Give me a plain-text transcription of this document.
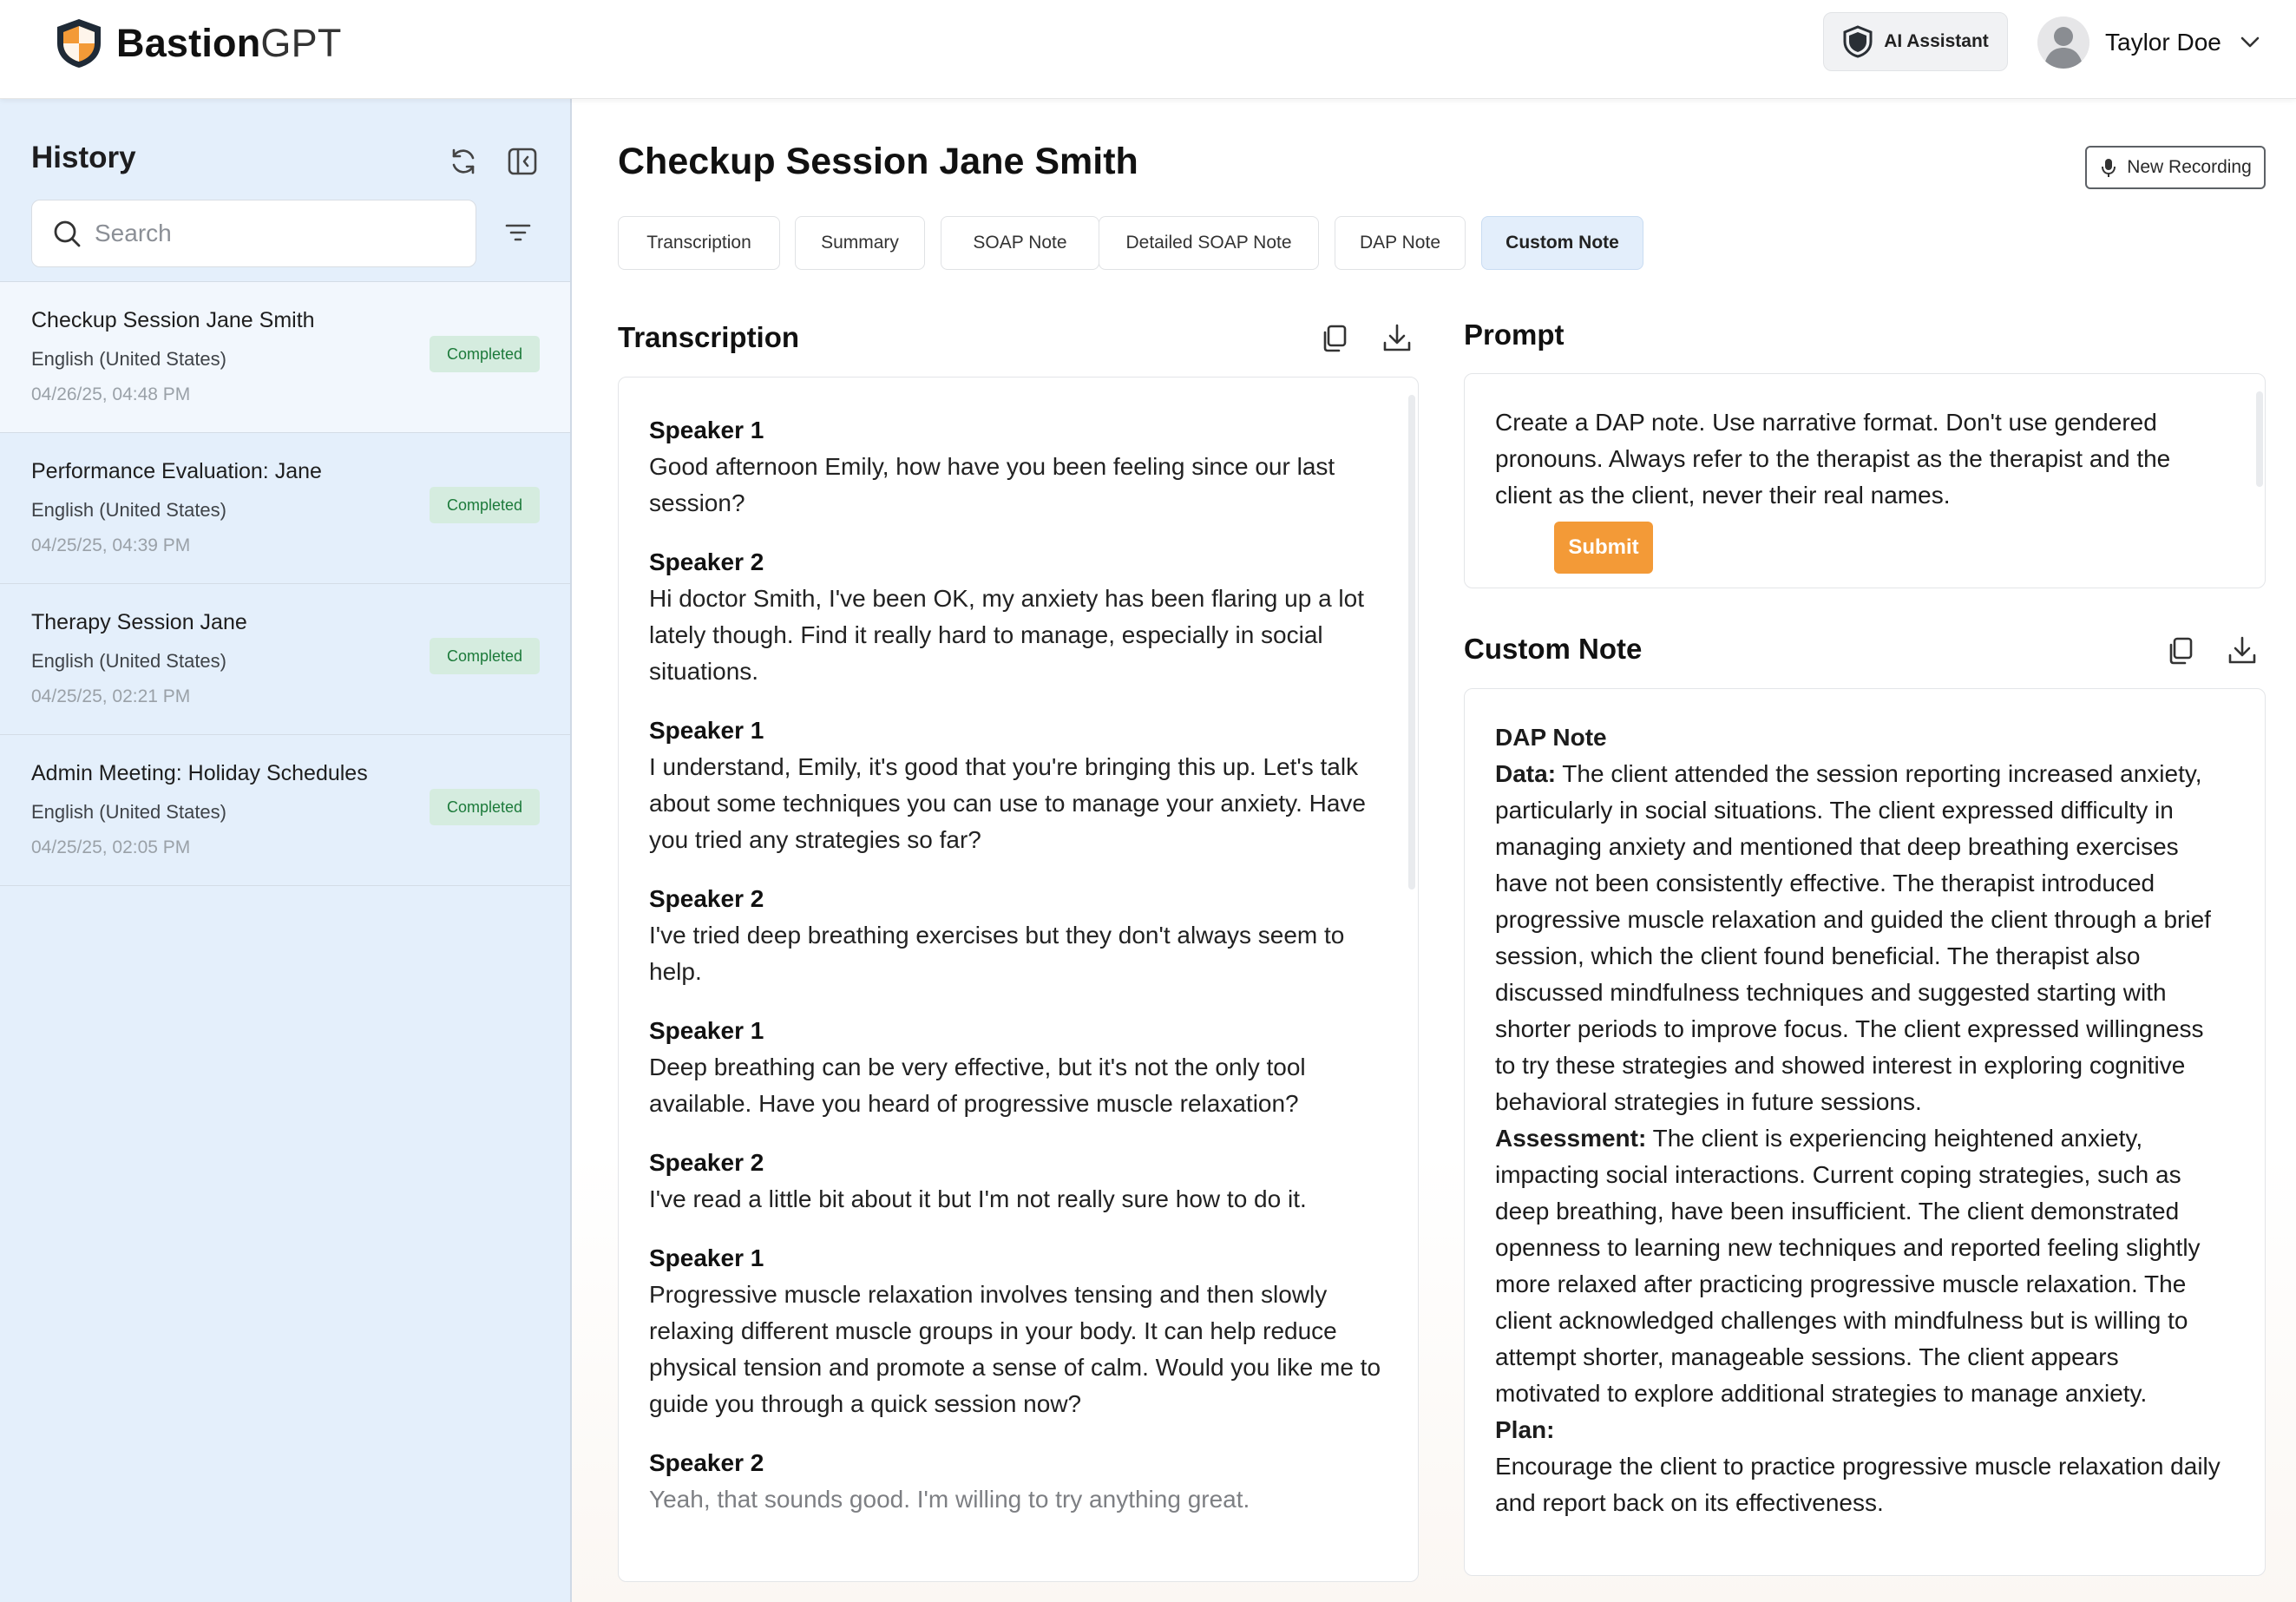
BastionGPT	AI Assistant	Taylor Doe
History
Search
Checkup Session Jane Smith
English (United States)
04/26/25, 04:48 PM
Completed
Performance Evaluation: Jane
English (United States)
04/25/25, 04:39 PM
Completed
Therapy Session Jane
English (United States)
04/25/25, 02:21 PM
Completed
Admin Meeting: Holiday Schedules
English (United States)
04/25/25, 02:05 PM
Completed
Checkup Session Jane Smith	New Recording
Transcription	Summary	SOAP Note	Detailed SOAP Note	DAP Note	Custom Note
Transcription
Speaker 1
Good afternoon Emily, how have you been feeling since our last session?
Speaker 2
Hi doctor Smith, I've been OK, my anxiety has been flaring up a lot lately though. Find it really hard to manage, especially in social situations.
Speaker 1
I understand, Emily, it's good that you're bringing this up. Let's talk about some techniques you can use to manage your anxiety. Have you tried any strategies so far?
Speaker 2
I've tried deep breathing exercises but they don't always seem to help.
Speaker 1
Deep breathing can be very effective, but it's not the only tool available. Have you heard of progressive muscle relaxation?
Speaker 2
I've read a little bit about it but I'm not really sure how to do it.
Speaker 1
Progressive muscle relaxation involves tensing and then slowly relaxing different muscle groups in your body. It can help reduce physical tension and promote a sense of calm. Would you like me to guide you through a quick session now?
Speaker 2
Yeah, that sounds good. I'm willing to try anything great.
Prompt
Create a DAP note. Use narrative format. Don't use gendered pronouns. Always refer to the therapist as the therapist and the client as the client, never their real names.
Submit
Custom Note
DAP Note
Data: The client attended the session reporting increased anxiety, particularly in social situations. The client expressed difficulty in managing anxiety and mentioned that deep breathing exercises have not been consistently effective. The therapist introduced progressive muscle relaxation and guided the client through a brief session, which the client found beneficial. The therapist also discussed mindfulness techniques and suggested starting with shorter periods to improve focus. The client expressed willingness to try these strategies and showed interest in exploring cognitive behavioral strategies in future sessions.
Assessment: The client is experiencing heightened anxiety, impacting social interactions. Current coping strategies, such as deep breathing, have been insufficient. The client demonstrated openness to learning new techniques and reported feeling slightly more relaxed after practicing progressive muscle relaxation. The client acknowledged challenges with mindfulness but is willing to attempt shorter, manageable sessions. The client appears motivated to explore additional strategies to manage anxiety.
Plan:
Encourage the client to practice progressive muscle relaxation daily and report back on its effectiveness.
